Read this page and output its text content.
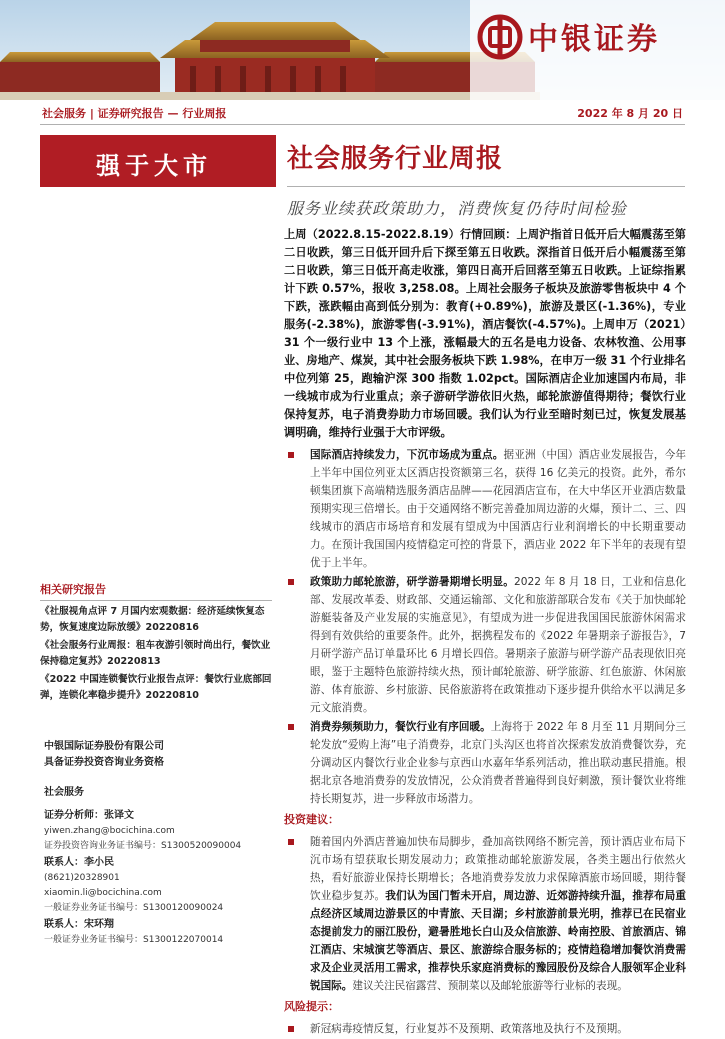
中银证券
社会服务 | 证券研究报告 — 行业周报	2022 年 8 月 20 日
强于大市	社会服务行业周报
服务业续获政策助力，消费恢复仍待时间检验

上周（2022.8.15-2022.8.19）行情回顾：上周沪指首日低开后大幅震荡至第二日收跌，第三日低开回升后下探至第五日收跌。深指首日低开后小幅震荡至第二日收跌，第三日低开高走收涨，第四日高开后回落至第五日收跌。上证综指累计下跌 0.57%，报收 3,258.08。上周社会服务子板块及旅游零售板块中 4 个下跌，涨跌幅由高到低分别为：教育(+0.89%)，旅游及景区(-1.36%)，专业服务(-2.38%)，旅游零售(-3.91%)，酒店餐饮(-4.57%)。上周申万（2021）31 个一级行业中 13 个上涨，涨幅最大的五名是电力设备、农林牧渔、公用事业、房地产、煤炭，其中社会服务板块下跌 1.98%，在申万一级 31 个行业排名中位列第 25，跑输沪深 300 指数 1.02pct。国际酒店企业加速国内布局，非一线城市成为行业重点；亲子游研学游依旧火热，邮轮旅游值得期待；餐饮行业保持复苏，电子消费券助力市场回暖。我们认为行业至暗时刻已过，恢复发展基调明确，维持行业强于大市评级。

国际酒店持续发力，下沉市场成为重点。据亚洲（中国）酒店业发展报告，今年上半年中国位列亚太区酒店投资额第三名，获得 16 亿美元的投资。此外，希尔顿集团旗下高端精选服务酒店品牌——花园酒店宣布，在大中华区开业酒店数量预期实现三倍增长。由于交通网络不断完善叠加周边游的火爆，预计二、三、四线城市的酒店市场培育和发展有望成为中国酒店行业利润增长的中长期重要动力。在预计我国国内疫情稳定可控的背景下，酒店业 2022 年下半年的表现有望优于上半年。
政策助力邮轮旅游，研学游暑期增长明显。2022 年 8 月 18 日，工业和信息化部、发展改革委、财政部、交通运输部、文化和旅游部联合发布《关于加快邮轮游艇装备及产业发展的实施意见》，有望成为进一步促进我国国民旅游休闲需求得到有效供给的重要条件。此外，据携程发布的《2022 年暑期亲子游报告》，7 月研学游产品订单量环比 6 月增长四倍。暑期亲子旅游与研学游产品表现依旧亮眼，鉴于主题特色旅游持续火热，预计邮轮旅游、研学旅游、红色旅游、休闲旅游、体育旅游、乡村旅游、民俗旅游将在政策推动下逐步提升供给水平以满足多元文旅消费。
消费券频频助力，餐饮行业有序回暖。上海将于 2022 年 8 月至 11 月期间分三轮发放“爱购上海”电子消费券，北京门头沟区也将首次探索发放消费餐饮券，充分调动区内餐饮行业企业参与京西山水嘉年华系列活动，推出联动惠民措施。根据北京各地消费券的发放情况，公众消费者普遍得到良好刺激，预计餐饮业将维持长期复苏，进一步释放市场潜力。
投资建议：
随着国内外酒店普遍加快布局脚步，叠加高铁网络不断完善，预计酒店业布局下沉市场有望获取长期发展动力；政策推动邮轮旅游发展，各类主题出行依然火热，看好旅游业保持长期增长；各地消费券发放力求保障酒旅市场回暖，期待餐饮业稳步复苏。我们认为国门暂未开启，周边游、近郊游持续升温，推荐布局重点经济区域周边游景区的中青旅、天目湖；乡村旅游前景光明，推荐已在民宿业态提前发力的丽江股份，避暑胜地长白山及众信旅游、岭南控股、首旅酒店、锦江酒店、宋城演艺等酒店、景区、旅游综合服务标的；疫情趋稳增加餐饮消费需求及企业灵活用工需求，推荐快乐家庭消费标的豫园股份及综合人服领军企业科锐国际。建议关注民宿露营、预制菜以及邮轮旅游等行业标的表现。
风险提示：
新冠病毒疫情反复，行业复苏不及预期、政策落地及执行不及预期。
相关研究报告
《社服视角点评 7 月国内宏观数据：经济延续恢复态势，恢复速度边际放缓》20220816
《社会服务行业周报：租车夜游引领时尚出行，餐饮业保持稳定复苏》20220813
《2022 中国连锁餐饮行业报告点评：餐饮行业底部回弹，连锁化率稳步提升》20220810
中银国际证券股份有限公司
具备证券投资咨询业务资格
社会服务
证券分析师：张译文
yiwen.zhang@bocichina.com
证券投资咨询业务证书编号：S1300520090004
联系人：李小民
(8621)20328901
xiaomin.li@bocichina.com
一般证券业务证书编号：S1300120090024
联系人：宋环翔
一般证券业务证书编号：S1300122070014
